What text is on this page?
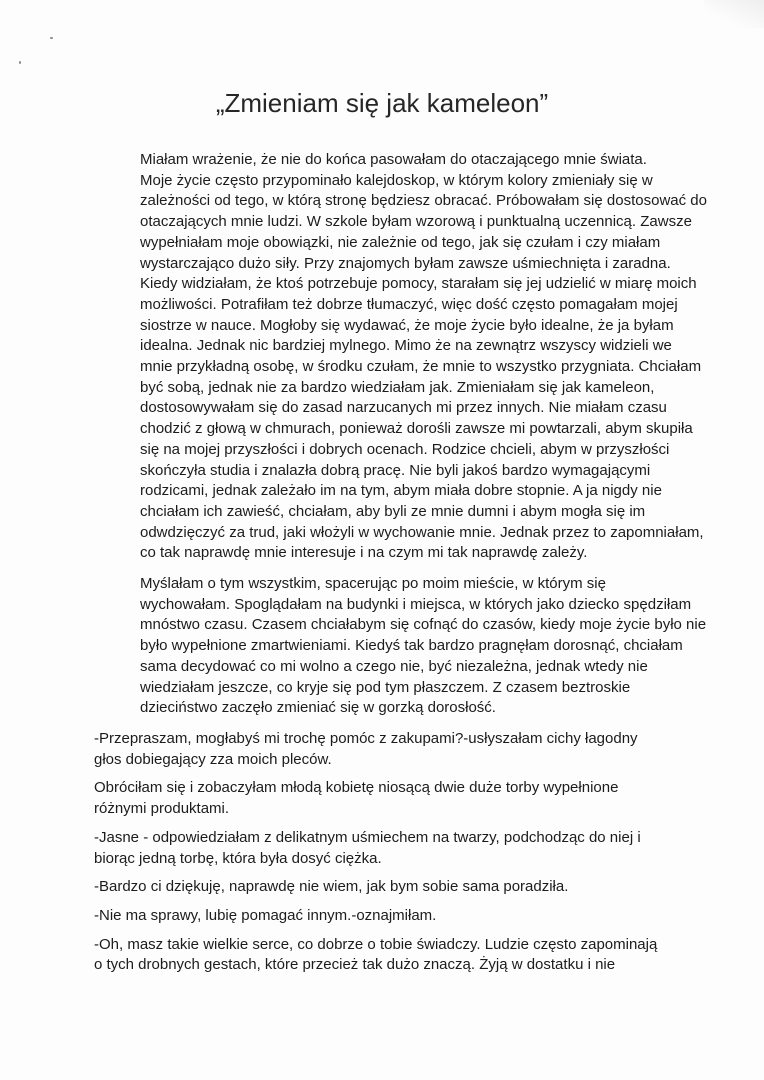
„Zmieniam się jak kameleon”

Miałam wrażenie, że nie do końca pasowałam do otaczającego mnie świata.
Moje życie często przypominało kalejdoskop, w którym kolory zmieniały się w
zależności od tego, w którą stronę będziesz obracać. Próbowałam się dostosować do
otaczających mnie ludzi. W szkole byłam wzorową i punktualną uczennicą. Zawsze
wypełniałam moje obowiązki, nie zależnie od tego, jak się czułam i czy miałam
wystarczająco dużo siły. Przy znajomych byłam zawsze uśmiechnięta i zaradna.
Kiedy widziałam, że ktoś potrzebuje pomocy, starałam się jej udzielić w miarę moich
możliwości. Potrafiłam też dobrze tłumaczyć, więc dość często pomagałam mojej
siostrze w nauce. Mogłoby się wydawać, że moje życie było idealne, że ja byłam
idealna. Jednak nic bardziej mylnego. Mimo że na zewnątrz wszyscy widzieli we
mnie przykładną osobę, w środku czułam, że mnie to wszystko przygniata. Chciałam
być sobą, jednak nie za bardzo wiedziałam jak. Zmieniałam się jak kameleon,
dostosowywałam się do zasad narzucanych mi przez innych. Nie miałam czasu
chodzić z głową w chmurach, ponieważ dorośli zawsze mi powtarzali, abym skupiła
się na mojej przyszłości i dobrych ocenach. Rodzice chcieli, abym w przyszłości
skończyła studia i znalazła dobrą pracę. Nie byli jakoś bardzo wymagającymi
rodzicami, jednak zależało im na tym, abym miała dobre stopnie. A ja nigdy nie
chciałam ich zawieść, chciałam, aby byli ze mnie dumni i abym mogła się im
odwdzięczyć za trud, jaki włożyli w wychowanie mnie. Jednak przez to zapomniałam,
co tak naprawdę mnie interesuje i na czym mi tak naprawdę zależy.

Myślałam o tym wszystkim, spacerując po moim mieście, w którym się
wychowałam. Spoglądałam na budynki i miejsca, w których jako dziecko spędziłam
mnóstwo czasu. Czasem chciałabym się cofnąć do czasów, kiedy moje życie było nie
było wypełnione zmartwieniami. Kiedyś tak bardzo pragnęłam dorosnąć, chciałam
sama decydować co mi wolno a czego nie, być niezależna, jednak wtedy nie
wiedziałam jeszcze, co kryje się pod tym płaszczem. Z czasem beztroskie
dzieciństwo zaczęło zmieniać się w gorzką dorosłość.

-Przepraszam, mogłabyś mi trochę pomóc z zakupami?-usłyszałam cichy łagodny
głos dobiegający zza moich pleców.

Obróciłam się i zobaczyłam młodą kobietę niosącą dwie duże torby wypełnione
różnymi produktami.

-Jasne - odpowiedziałam z delikatnym uśmiechem na twarzy, podchodząc do niej i
biorąc jedną torbę, która była dosyć ciężka.

-Bardzo ci dziękuję, naprawdę nie wiem, jak bym sobie sama poradziła.

-Nie ma sprawy, lubię pomagać innym.-oznajmiłam.

-Oh, masz takie wielkie serce, co dobrze o tobie świadczy. Ludzie często zapominają
o tych drobnych gestach, które przecież tak dużo znaczą. Żyją w dostatku i nie
